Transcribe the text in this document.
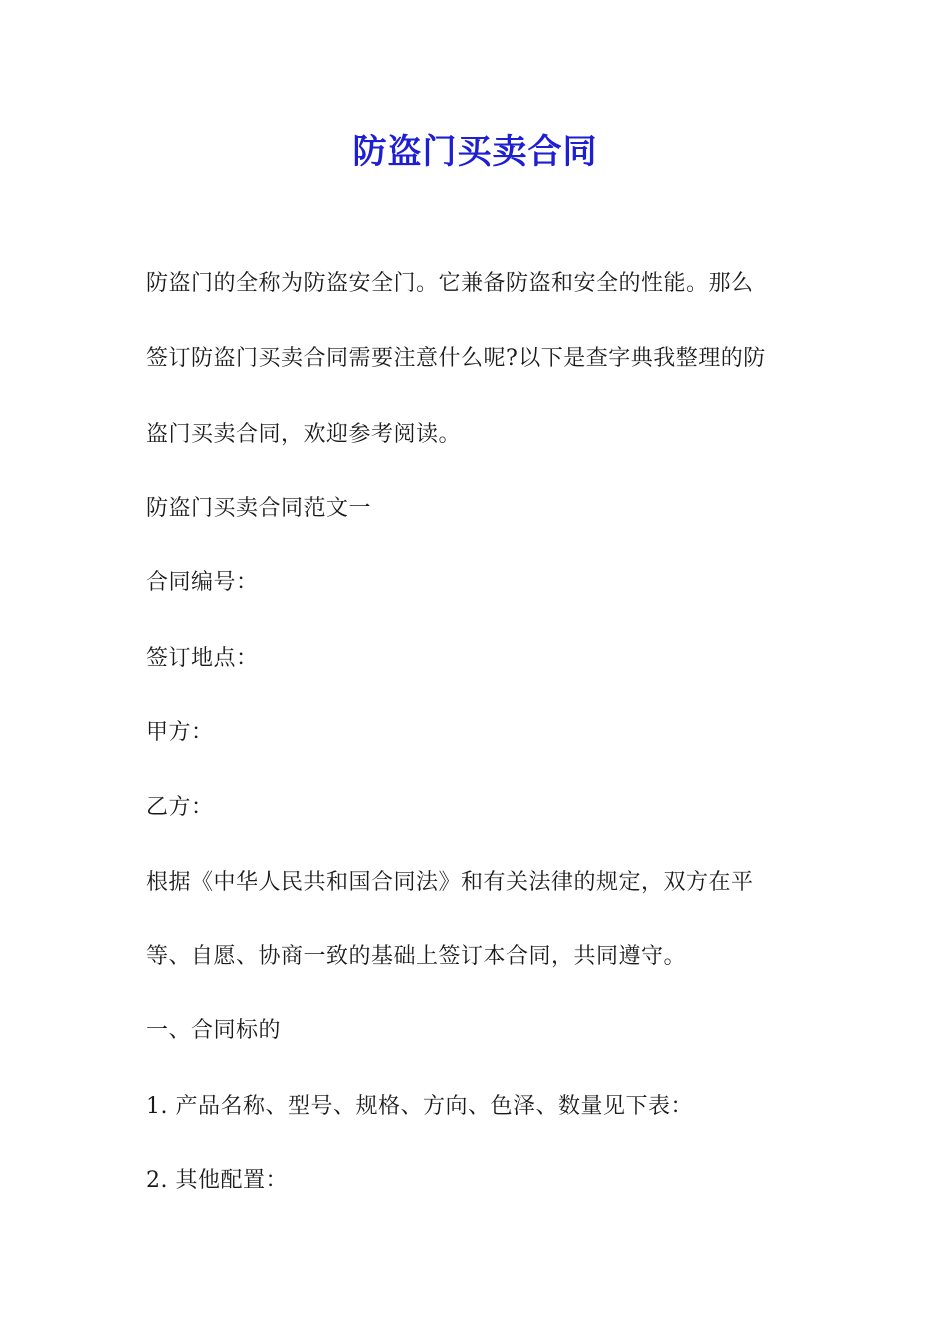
防盗门买卖合同

防盗门的全称为防盗安全门。它兼备防盗和安全的性能。那么

签订防盗门买卖合同需要注意什么呢?以下是查字典我整理的防

盗门买卖合同，欢迎参考阅读。

防盗门买卖合同范文一

合同编号：

签订地点：

甲方：

乙方：

根据《中华人民共和国合同法》和有关法律的规定，双方在平

等、自愿、协商一致的基础上签订本合同，共同遵守。

一、合同标的

1. 产品名称、型号、规格、方向、色泽、数量见下表：

2. 其他配置：
